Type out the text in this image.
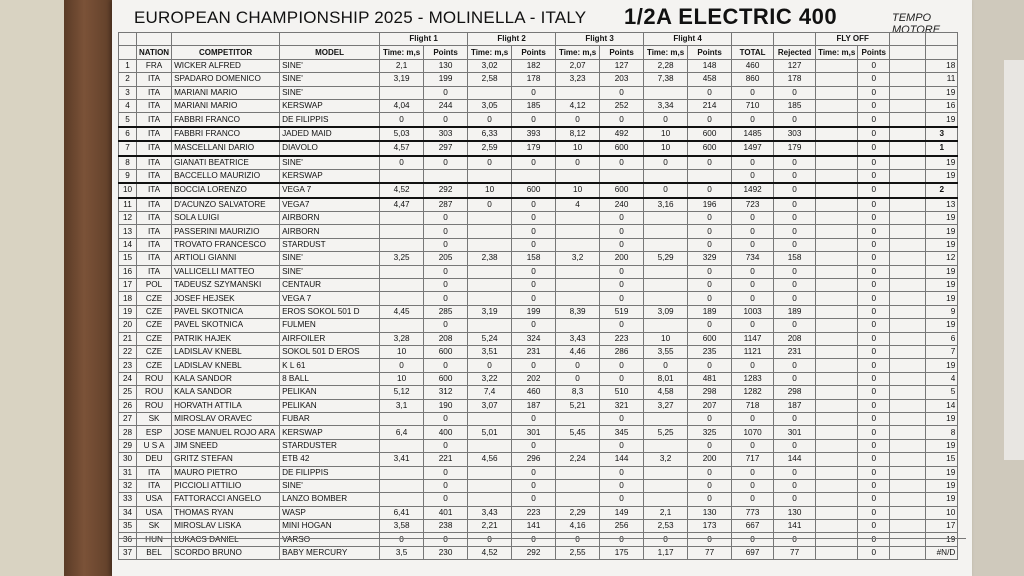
EUROPEAN CHAMPIONSHIP 2025 - MOLINELLA - ITALY 1/2A ELECTRIC 400	TEMPO MOTORE
				Flight 1		Flight 2		Flight 3		Flight 4				FLY OFF			
	NATION	COMPETITOR	MODEL	Time: m,s	Points	Time: m,s	Points	Time: m,s	Points	Time: m,s	Points	TOTAL	Rejected	Time: m,s	Points		
1	FRA	WICKER ALFRED	SINE'	2,1	130	3,02	182	2,07	127	2,28	148	460	127		0		18
2	ITA	SPADARO DOMENICO	SINE'	3,19	199	2,58	178	3,23	203	7,38	458	860	178		0		11
3	ITA	MARIANI MARIO	SINE'		0		0		0		0	0	0		0		19
4	ITA	MARIANI MARIO	KERSWAP	4,04	244	3,05	185	4,12	252	3,34	214	710	185		0		16
5	ITA	FABBRI FRANCO	DE FILIPPIS	0	0	0	0	0	0	0	0	0	0		0		19
6	ITA	FABBRI FRANCO	JADED MAID	5,03	303	6,33	393	8,12	492	10	600	1485	303		0		3
7	ITA	MASCELLANI DARIO	DIAVOLO	4,57	297	2,59	179	10	600	10	600	1497	179		0		1
8	ITA	GIANATI BEATRICE	SINE'	0	0	0	0	0	0	0	0	0	0		0		19
9	ITA	BACCELLO MAURIZIO	KERSWAP									0	0		0		19
10	ITA	BOCCIA LORENZO	VEGA 7	4,52	292	10	600	10	600	0	0	1492	0		0		2
11	ITA	D'ACUNZO SALVATORE	VEGA7	4,47	287	0	0	4	240	3,16	196	723	0		0		13
12	ITA	SOLA LUIGI	AIRBORN		0		0		0		0	0	0		0		19
13	ITA	PASSERINI MAURIZIO	AIRBORN		0		0		0		0	0	0		0		19
14	ITA	TROVATO FRANCESCO	STARDUST		0		0		0		0	0	0		0		19
15	ITA	ARTIOLI GIANNI	SINE'	3,25	205	2,38	158	3,2	200	5,29	329	734	158		0		12
16	ITA	VALLICELLI MATTEO	SINE'		0		0		0		0	0	0		0		19
17	POL	TADEUSZ SZYMANSKI	CENTAUR		0		0		0		0	0	0		0		19
18	CZE	JOSEF HEJSEK	VEGA 7		0		0		0		0	0	0		0		19
19	CZE	PAVEL SKOTNICA	EROS SOKOL 501 D	4,45	285	3,19	199	8,39	519	3,09	189	1003	189		0		9
20	CZE	PAVEL SKOTNICA	FULMEN		0		0		0		0	0	0		0		19
21	CZE	PATRIK HAJEK	AIRFOILER	3,28	208	5,24	324	3,43	223	10	600	1147	208		0		6
22	CZE	LADISLAV KNEBL	SOKOL 501 D EROS	10	600	3,51	231	4,46	286	3,55	235	1121	231		0		7
23	CZE	LADISLAV KNEBL	K L 61	0	0	0	0	0	0	0	0	0	0		0		19
24	ROU	KALA SANDOR	8 BALL	10	600	3,22	202	0	0	8,01	481	1283	0		0		4
25	ROU	KALA SANDOR	PELIKAN	5,12	312	7,4	460	8,3	510	4,58	298	1282	298		0		5
26	ROU	HORVATH ATTILA	PELIKAN	3,1	190	3,07	187	5,21	321	3,27	207	718	187		0		14
27	SK	MIROSLAV ORAVEC	FUBAR		0		0		0		0	0	0		0		19
28	ESP	JOSE MANUEL ROJO ARA	KERSWAP	6,4	400	5,01	301	5,45	345	5,25	325	1070	301		0		8
29	U S A	JIM SNEED	STARDUSTER		0		0		0		0	0	0		0		19
30	DEU	GRITZ STEFAN	ETB 42	3,41	221	4,56	296	2,24	144	3,2	200	717	144		0		15
31	ITA	MAURO PIETRO	DE FILIPPIS		0		0		0		0	0	0		0		19
32	ITA	PICCIOLI ATTILIO	SINE'		0		0		0		0	0	0		0		19
33	USA	FATTORACCI ANGELO	LANZO BOMBER		0		0		0		0	0	0		0		19
34	USA	THOMAS RYAN	WASP	6,41	401	3,43	223	2,29	149	2,1	130	773	130		0		10
35	SK	MIROSLAV LISKA	MINI HOGAN	3,58	238	2,21	141	4,16	256	2,53	173	667	141		0		17
36	HUN	LUKACS DANIEL	VARSO	0	0	0	0	0	0	0	0	0	0		0		19
37	BEL	SCORDO BRUNO	BABY MERCURY	3,5	230	4,52	292	2,55	175	1,17	77	697	77		0		#N/D
